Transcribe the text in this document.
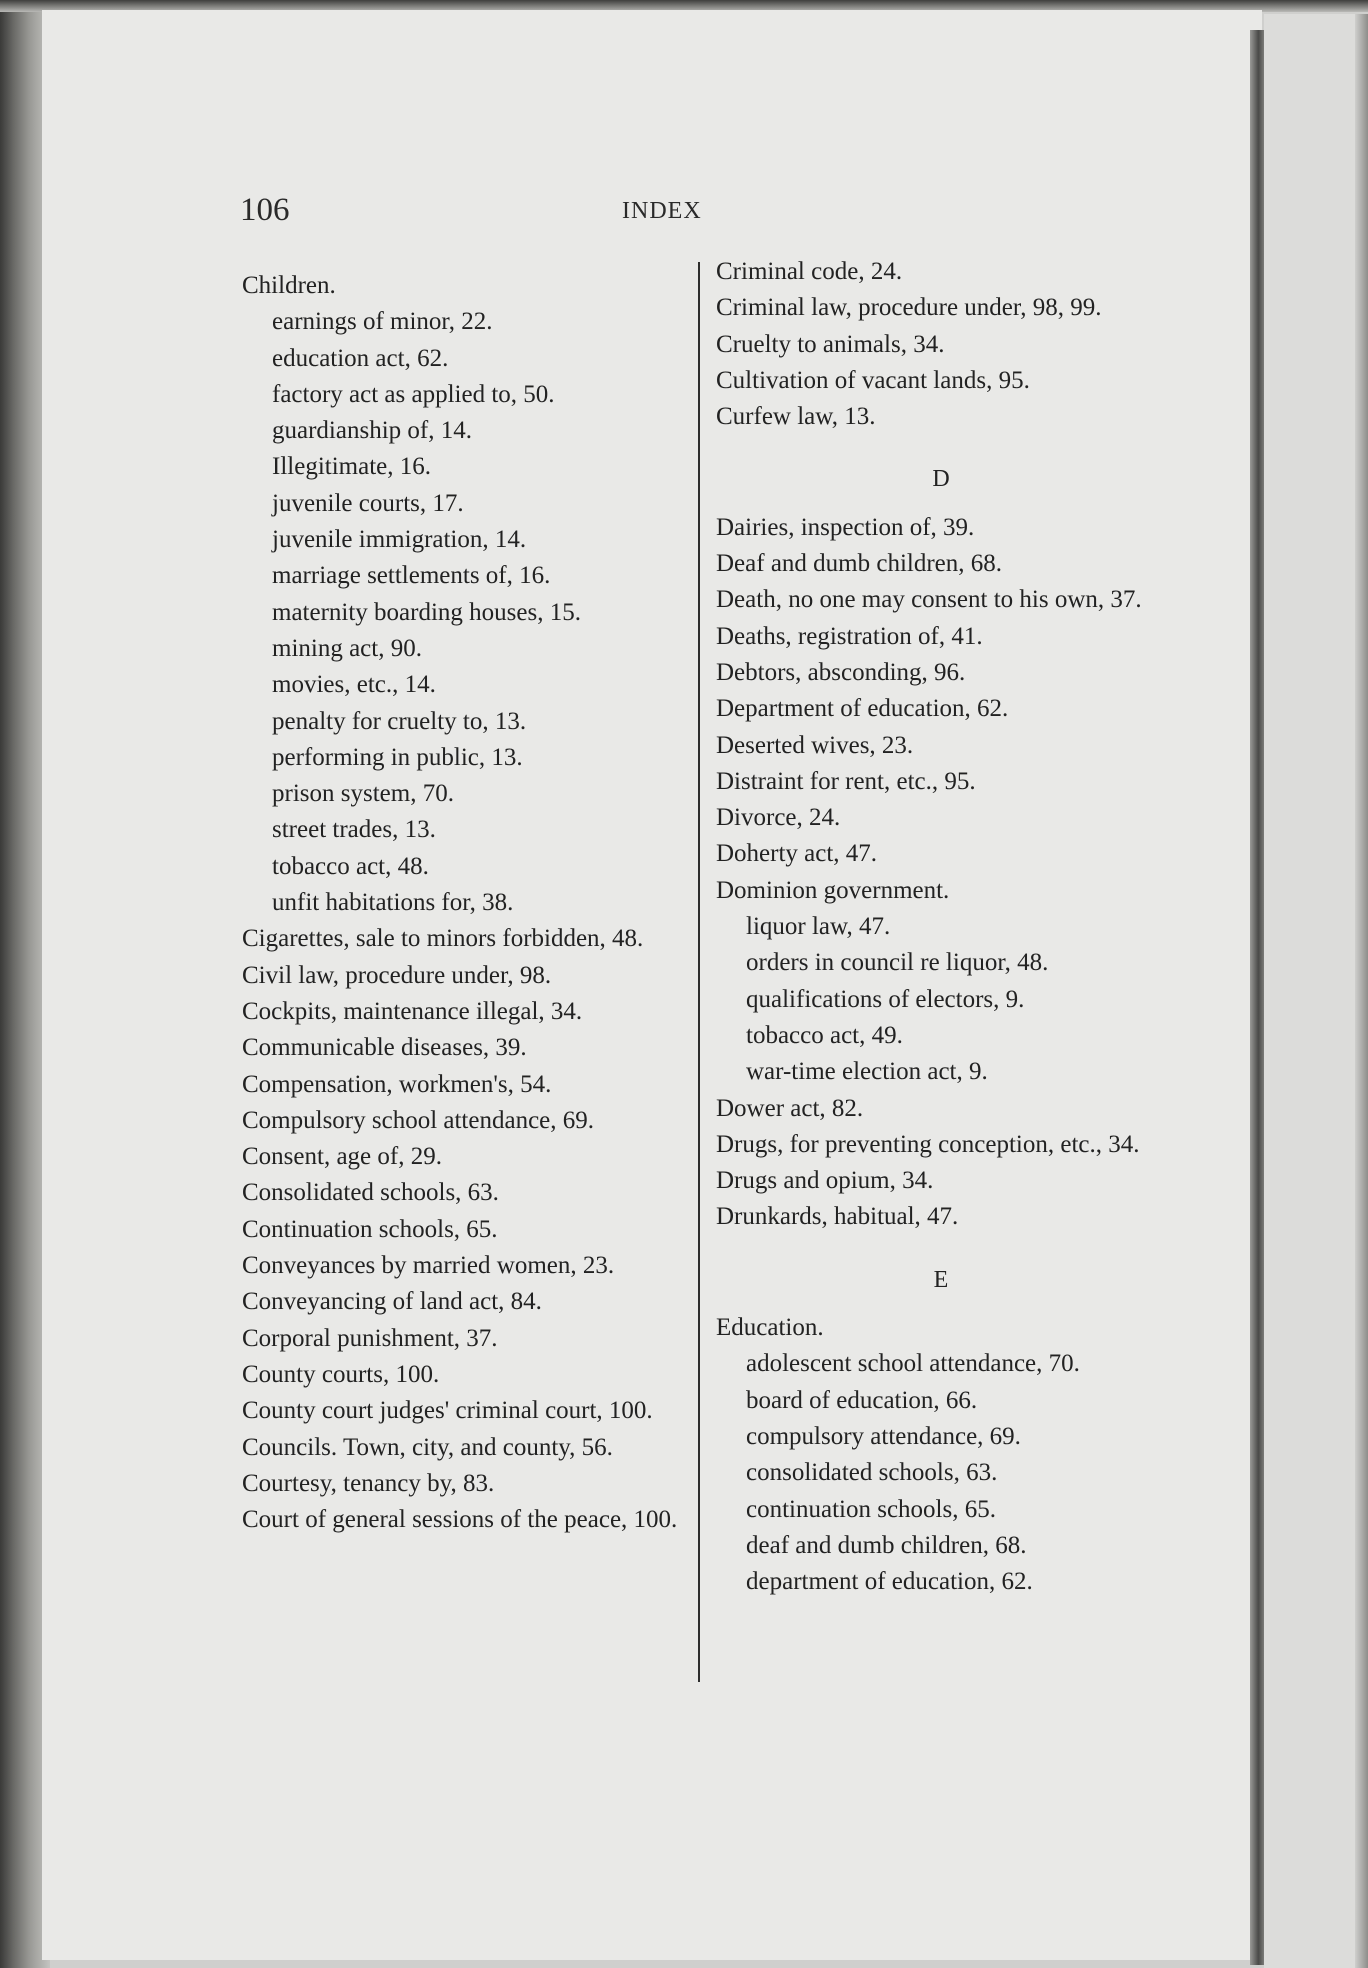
106	INDEX

Children.

earnings of minor, 22.

education act, 62.

factory act as applied to, 50.

guardianship of, 14.

Illegitimate, 16.

juvenile courts, 17.

juvenile immigration, 14.

marriage settlements of, 16.

maternity boarding houses, 15.

mining act, 90.

movies, etc., 14.

penalty for cruelty to, 13.

performing in public, 13.

prison system, 70.

street trades, 13.

tobacco act, 48.

unfit habitations for, 38.

Cigarettes, sale to minors forbidden, 48.

Civil law, procedure under, 98.

Cockpits, maintenance illegal, 34.

Communicable diseases, 39.

Compensation, workmen's, 54.

Compulsory school attendance, 69.

Consent, age of, 29.

Consolidated schools, 63.

Continuation schools, 65.

Conveyances by married women, 23.

Conveyancing of land act, 84.

Corporal punishment, 37.

County courts, 100.

County court judges' criminal court, 100.

Councils. Town, city, and county, 56.

Courtesy, tenancy by, 83.

Court of general sessions of the peace, 100.

Criminal code, 24.

Criminal law, procedure under, 98, 99.

Cruelty to animals, 34.

Cultivation of vacant lands, 95.

Curfew law, 13.

D

Dairies, inspection of, 39.

Deaf and dumb children, 68.

Death, no one may consent to his own, 37.

Deaths, registration of, 41.

Debtors, absconding, 96.

Department of education, 62.

Deserted wives, 23.

Distraint for rent, etc., 95.

Divorce, 24.

Doherty act, 47.

Dominion government.

liquor law, 47.

orders in council re liquor, 48.

qualifications of electors, 9.

tobacco act, 49.

war-time election act, 9.

Dower act, 82.

Drugs, for preventing conception, etc., 34.

Drugs and opium, 34.

Drunkards, habitual, 47.

E

Education.

adolescent school attendance, 70.

board of education, 66.

compulsory attendance, 69.

consolidated schools, 63.

continuation schools, 65.

deaf and dumb children, 68.

department of education, 62.
